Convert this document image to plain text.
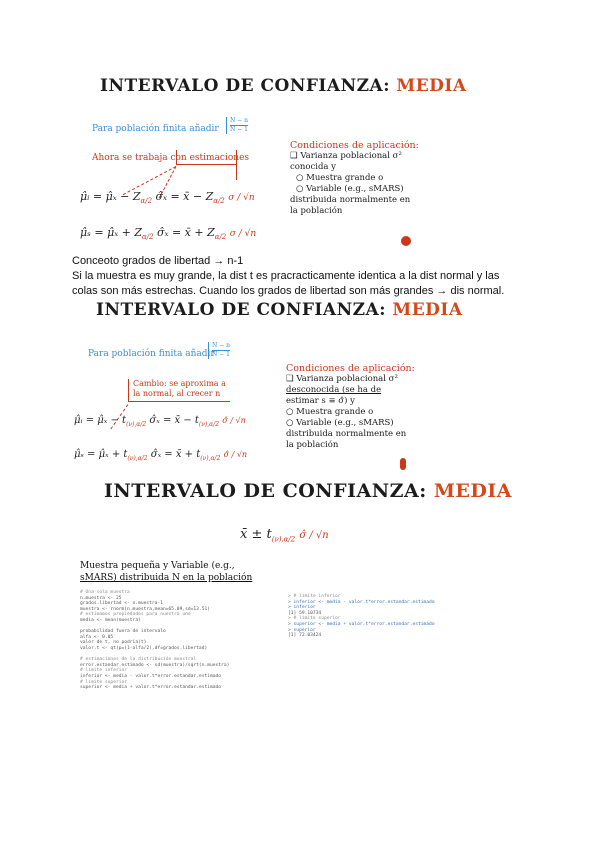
INTERVALO DE CONFIANZA: MEDIA
Para población finita añadir $\frac{N - n}{N - 1}$
Ahora se trabaja con estimaciones
Condiciones de aplicación:
❑ Varianza poblacional σ²
conocida y
○ Muestra grande o
○ Variable (e.g., sMARS)
distribuida normalmente en
la población
μ̂ᵢ = μ̂ₓ − $Z_{\alpha/2}$ σ̂ₓ = x̄ − $Z_{\alpha/2}$ σ / √n
μ̂ₛ = μ̂ₓ + $Z_{\alpha/2}$ σ̂ₓ = x̄ + $Z_{\alpha/2}$ σ / √n
Conceoto grados de libertad → n-1
Si la muestra es muy grande, la dist t es pracracticamente identica a la dist normal y las
colas son más estrechas. Cuando los grados de libertad son más grandes → dis normal.
INTERVALO DE CONFIANZA: MEDIA
Para población finita añadir
$\frac{N - n}{N - 1}$
Cambio: se aproxima a
la normal, al crecer n
Condiciones de aplicación:
❑ Varianza poblacional σ²
desconocida (se ha de
estimar s ≡ σ̂) y
○ Muestra grande o
○ Variable (e.g., sMARS)
distribuida normalmente en
la población
μ̂ᵢ = μ̂ₓ − $t_{(\nu),\alpha/2}$ σ̂ₓ = x̄ − $t_{(\nu),\alpha/2}$ σ̂ / √n
μ̂ₛ = μ̂ₓ + $t_{(\nu),\alpha/2}$ σ̂ₓ = x̄ + $t_{(\nu),\alpha/2}$ σ̂ / √n
INTERVALO DE CONFIANZA: MEDIA
x̄ ± $t_{(\nu),\alpha/2}$ σ̂ / √n
Muestra pequeña y Variable (e.g.,
sMARS) distribuida N en la población
# Una sola muestra
n.muestra <- 25
grados.libertad <- n.muestra-1
muestra <- rnorm(n.muestra,mean=65.09,sd=13.51)
# estimamos propiedades para nuestra uno
media <- mean(muestra)

probabilidad fuera de intervalo
alfa <- 0.05
valor de t, no podria(t)
valor.t <- qt(p=(1-alfa/2),df=grados.libertad)

# estimaciones de la distribución muestral
error.estandar.estimado <- sd(muestra)/sqrt(n.muestra)
# límite inferior
inferior <- media - valor.t*error.estandar.estimado
# límite superior
superior <- media + valor.t*error.estandar.estimado
> # límite inferior
> inferior <- media - valor.t*error.estandar.estimado
> inferior
[1] 59.10734
> # límite superior
> superior <- media + valor.t*error.estandar.estimado
> superior
[1] 72.03424
